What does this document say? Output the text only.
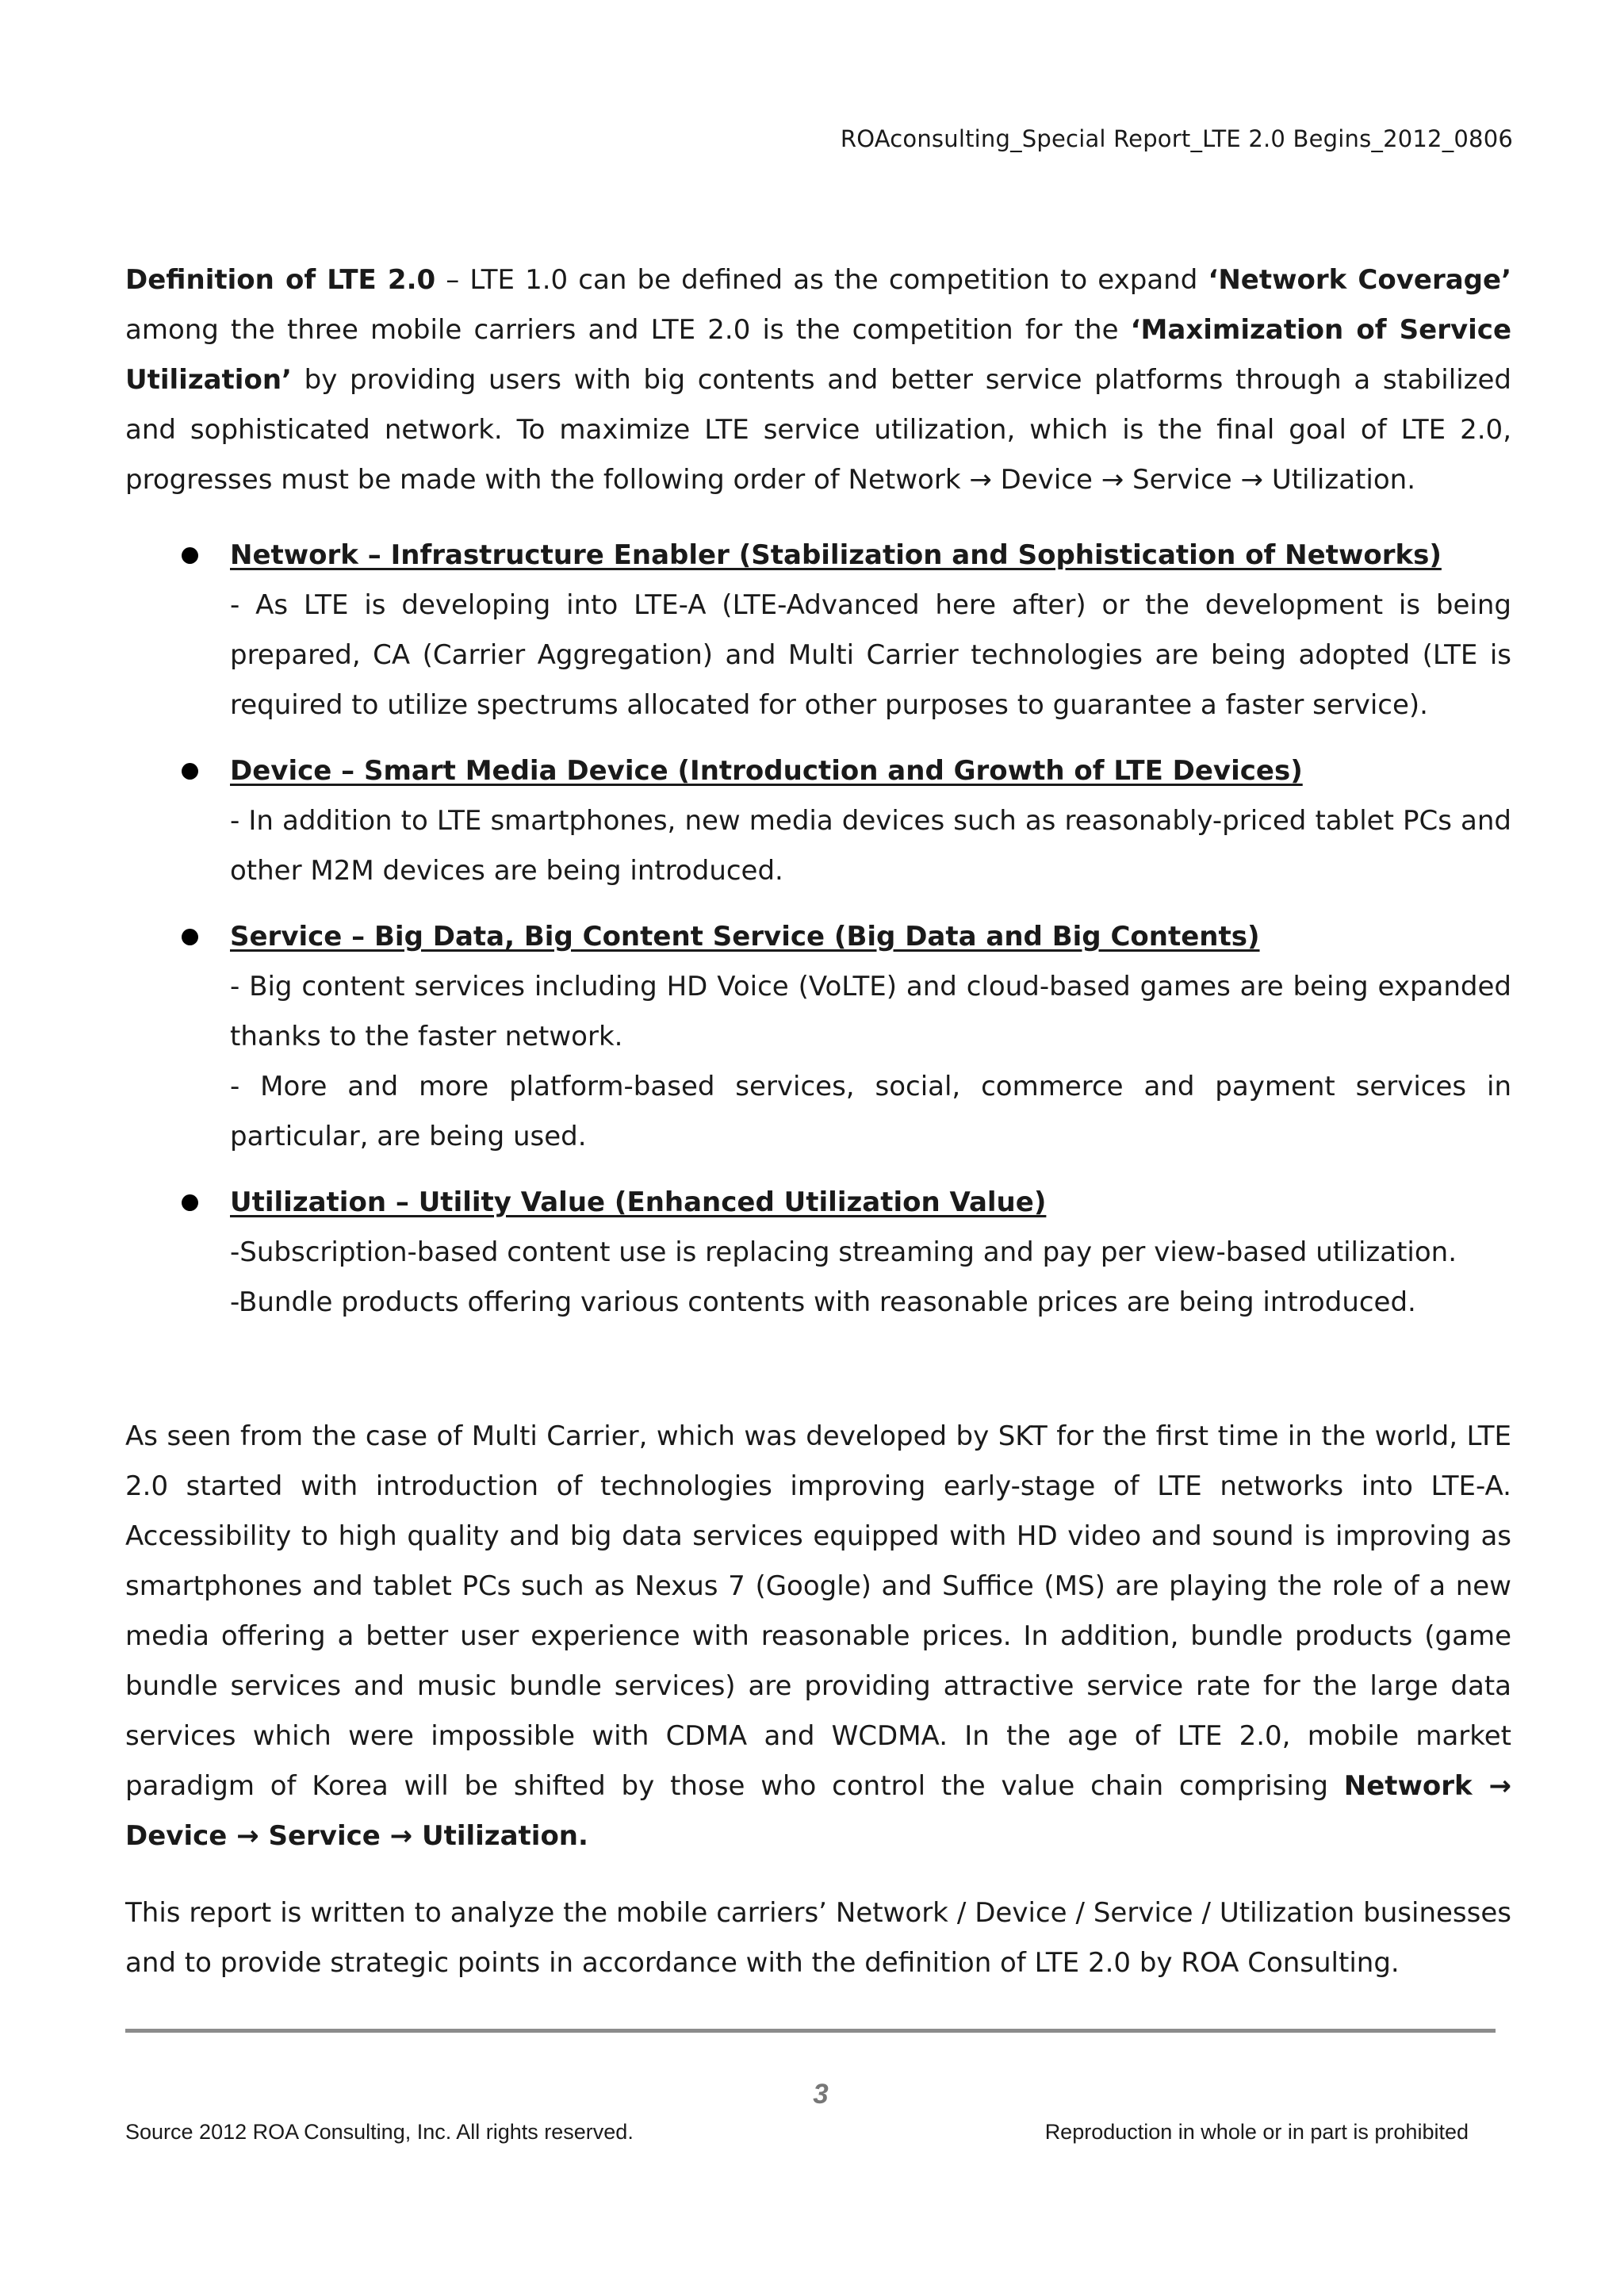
ROAconsulting_Special Report_LTE 2.0 Begins_2012_0806

Definition of LTE 2.0 – LTE 1.0 can be defined as the competition to expand ‘Network Coverage’ among the three mobile carriers and LTE 2.0 is the competition for the ‘Maximization of Service Utilization’ by providing users with big contents and better service platforms through a stabilized and sophisticated network. To maximize LTE service utilization, which is the final goal of LTE 2.0, progresses must be made with the following order of Network → Device → Service → Utilization.

Network – Infrastructure Enabler (Stabilization and Sophistication of Networks)
- As LTE is developing into LTE-A (LTE-Advanced here after) or the development is being prepared, CA (Carrier Aggregation) and Multi Carrier technologies are being adopted (LTE is required to utilize spectrums allocated for other purposes to guarantee a faster service).
Device – Smart Media Device (Introduction and Growth of LTE Devices)
- In addition to LTE smartphones, new media devices such as reasonably-priced tablet PCs and other M2M devices are being introduced.
Service – Big Data, Big Content Service (Big Data and Big Contents)
- Big content services including HD Voice (VoLTE) and cloud-based games are being expanded thanks to the faster network.
- More and more platform-based services, social, commerce and payment services in particular, are being used.
Utilization – Utility Value (Enhanced Utilization Value)
-Subscription-based content use is replacing streaming and pay per view-based utilization.
-Bundle products offering various contents with reasonable prices are being introduced.

As seen from the case of Multi Carrier, which was developed by SKT for the first time in the world, LTE 2.0 started with introduction of technologies improving early-stage of LTE networks into LTE-A. Accessibility to high quality and big data services equipped with HD video and sound is improving as smartphones and tablet PCs such as Nexus 7 (Google) and Suffice (MS) are playing the role of a new media offering a better user experience with reasonable prices. In addition, bundle products (game bundle services and music bundle services) are providing attractive service rate for the large data services which were impossible with CDMA and WCDMA. In the age of LTE 2.0, mobile market paradigm of Korea will be shifted by those who control the value chain comprising Network → Device → Service → Utilization.

This report is written to analyze the mobile carriers’ Network / Device / Service / Utilization businesses and to provide strategic points in accordance with the definition of LTE 2.0 by ROA Consulting.

3
Source 2012 ROA Consulting, Inc. All rights reserved.	Reproduction in whole or in part is prohibited
